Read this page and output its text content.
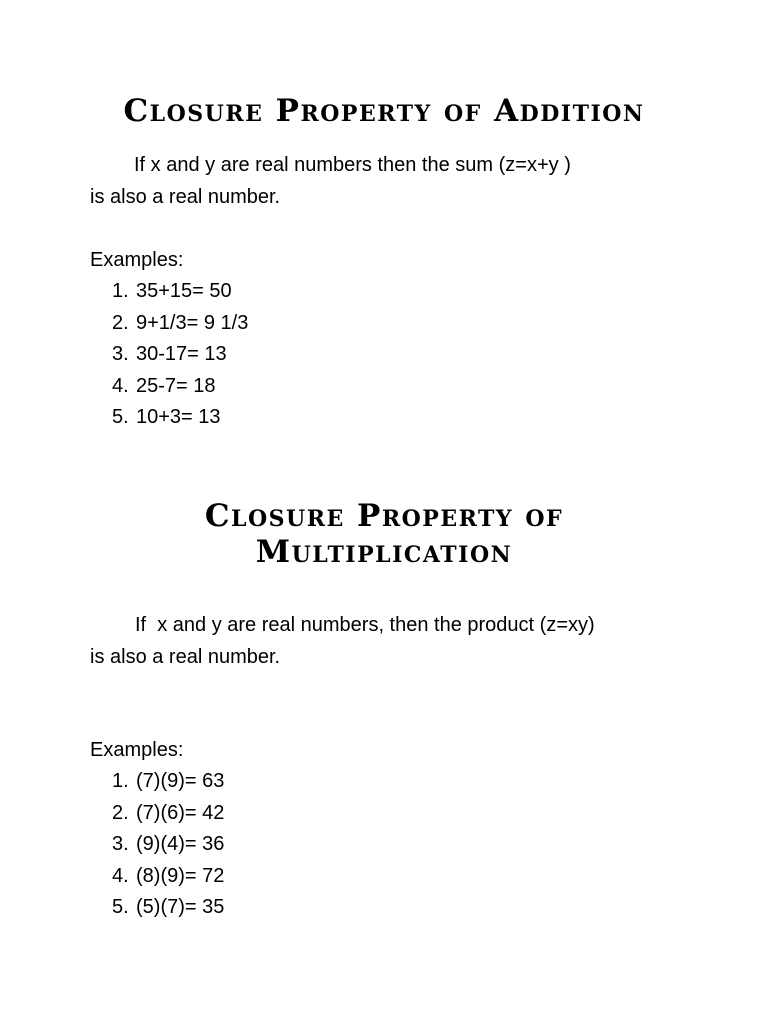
Closure Property of Addition

If x and y are real numbers then the sum (z=x+y )
is also a real number.

Examples:

1. 35+15= 50
2. 9+1/3= 9 1/3
3. 30-17= 13
4. 25-7= 18
5. 10+3= 13
Closure Property of
Multiplication

If  x and y are real numbers, then the product (z=xy)
is also a real number.

Examples:

1. (7)(9)= 63
2. (7)(6)= 42
3. (9)(4)= 36
4. (8)(9)= 72
5. (5)(7)= 35
